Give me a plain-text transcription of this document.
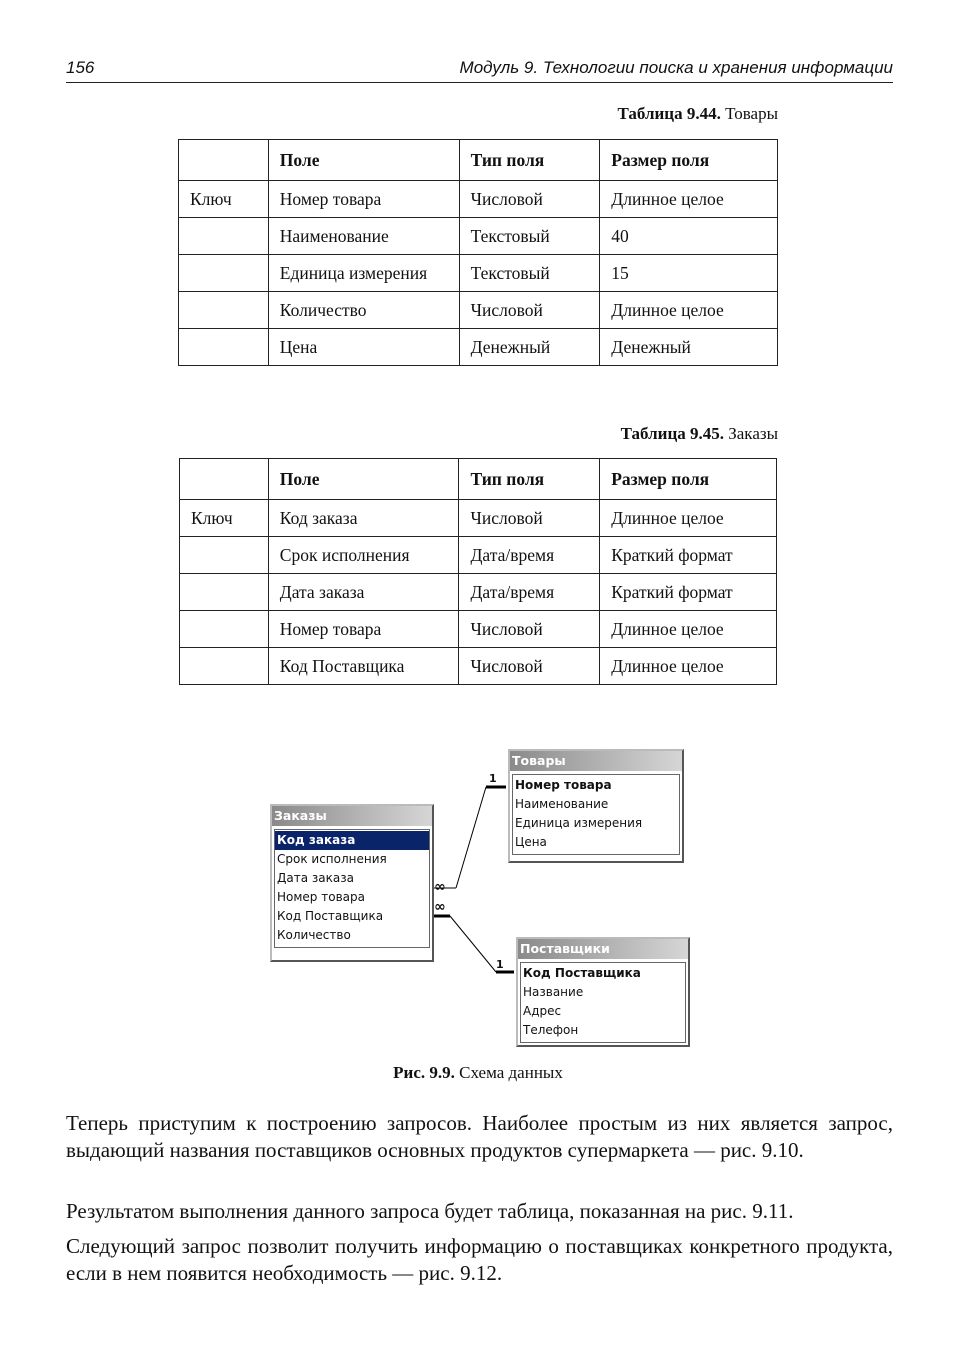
156	Модуль 9. Технологии поиска и хранения информации
Таблица 9.44. Товары
	Поле	Тип поля	Размер поля
Ключ	Номер товара	Числовой	Длинное целое
	Наименование	Текстовый	40
	Единица измерения	Текстовый	15
	Количество	Числовой	Длинное целое
	Цена	Денежный	Денежный
Таблица 9.45. Заказы
	Поле	Тип поля	Размер поля
Ключ	Код заказа	Числовой	Длинное целое
	Срок исполнения	Дата/время	Краткий формат
	Дата заказа	Дата/время	Краткий формат
	Номер товара	Числовой	Длинное целое
	Код Поставщика	Числовой	Длинное целое
1
∞
∞
1
Заказы
Код заказа
Срок исполнения
Дата заказа
Номер товара
Код Поставщика
Количество
Товары
Номер товара
Наименование
Единица измерения
Цена
Поставщики
Код Поставщика
Название
Адрес
Телефон
Рис. 9.9. Схема данных

Теперь приступим к построению запросов. Наиболее простым из них является запрос, выдающий названия поставщиков основных продуктов супермаркета — рис. 9.10.

Результатом выполнения данного запроса будет таблица, показанная на рис. 9.11.

Следующий запрос позволит получить информацию о поставщиках конкретного продукта, если в нем появится необходимость — рис. 9.12.
